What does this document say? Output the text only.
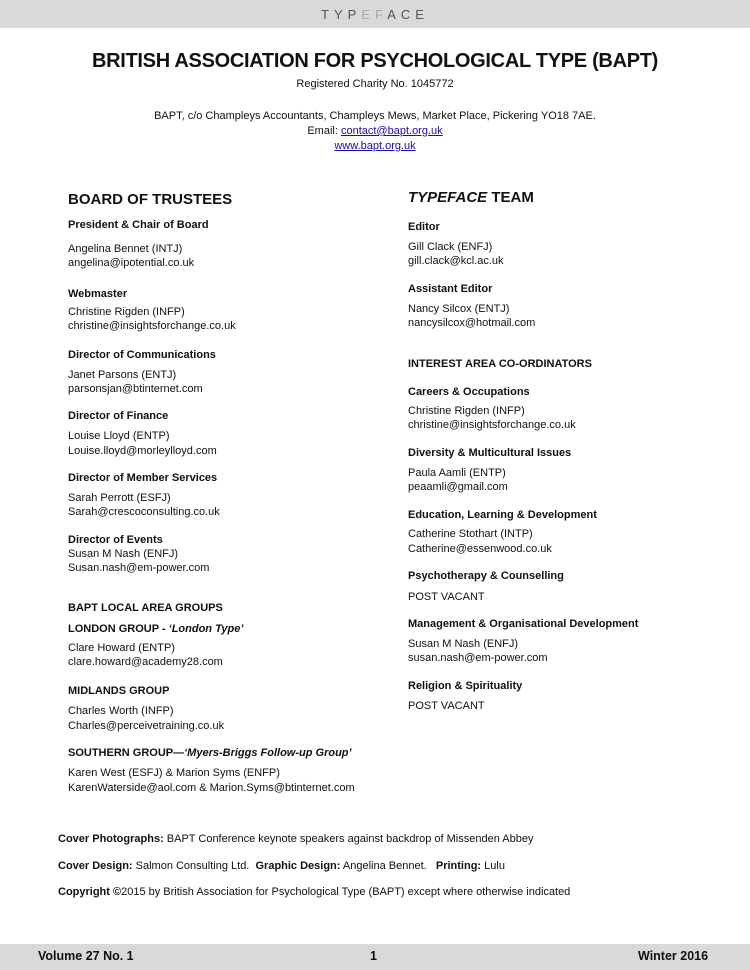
TYPEFACE
BRITISH ASSOCIATION FOR PSYCHOLOGICAL TYPE (BAPT)
Registered Charity No. 1045772
BAPT, c/o Champleys Accountants, Champleys Mews, Market Place, Pickering YO18 7AE.
Email: contact@bapt.org.uk
www.bapt.org.uk
BOARD OF TRUSTEES
President & Chair of Board
Angelina Bennet (INTJ)
angelina@ipotential.co.uk
Webmaster
Christine Rigden (INFP)
christine@insightsforchange.co.uk
Director of Communications
Janet Parsons (ENTJ)
parsonsjan@btinternet.com
Director of Finance
Louise Lloyd (ENTP)
Louise.lloyd@morleylloyd.com
Director of Member Services
Sarah Perrott (ESFJ)
Sarah@crescoconsulting.co.uk
Director of Events
Susan M Nash (ENFJ)
Susan.nash@em-power.com
BAPT LOCAL AREA GROUPS
LONDON GROUP - ‘London Type’
Clare Howard (ENTP)
clare.howard@academy28.com
MIDLANDS GROUP
Charles Worth (INFP)
Charles@perceivetraining.co.uk
SOUTHERN GROUP—‘Myers-Briggs Follow-up Group’
Karen West (ESFJ) & Marion Syms (ENFP)
KarenWaterside@aol.com & Marion.Syms@btinternet.com
TYPEFACE TEAM
Editor
Gill Clack (ENFJ)
gill.clack@kcl.ac.uk
Assistant Editor
Nancy Silcox (ENTJ)
nancysilcox@hotmail.com
INTEREST AREA CO-ORDINATORS
Careers & Occupations
Christine Rigden (INFP)
christine@insightsforchange.co.uk
Diversity & Multicultural Issues
Paula Aamli (ENTP)
peaamli@gmail.com
Education, Learning & Development
Catherine Stothart (INTP)
Catherine@essenwood.co.uk
Psychotherapy & Counselling
POST VACANT
Management & Organisational Development
Susan M Nash (ENFJ)
susan.nash@em-power.com
Religion & Spirituality
POST VACANT
Cover Photographs: BAPT Conference keynote speakers against backdrop of Missenden Abbey
Cover Design: Salmon Consulting Ltd.  Graphic Design: Angelina Bennet.   Printing: Lulu
Copyright ©2015 by British Association for Psychological Type (BAPT) except where otherwise indicated
Volume 27 No. 1	1	Winter 2016
